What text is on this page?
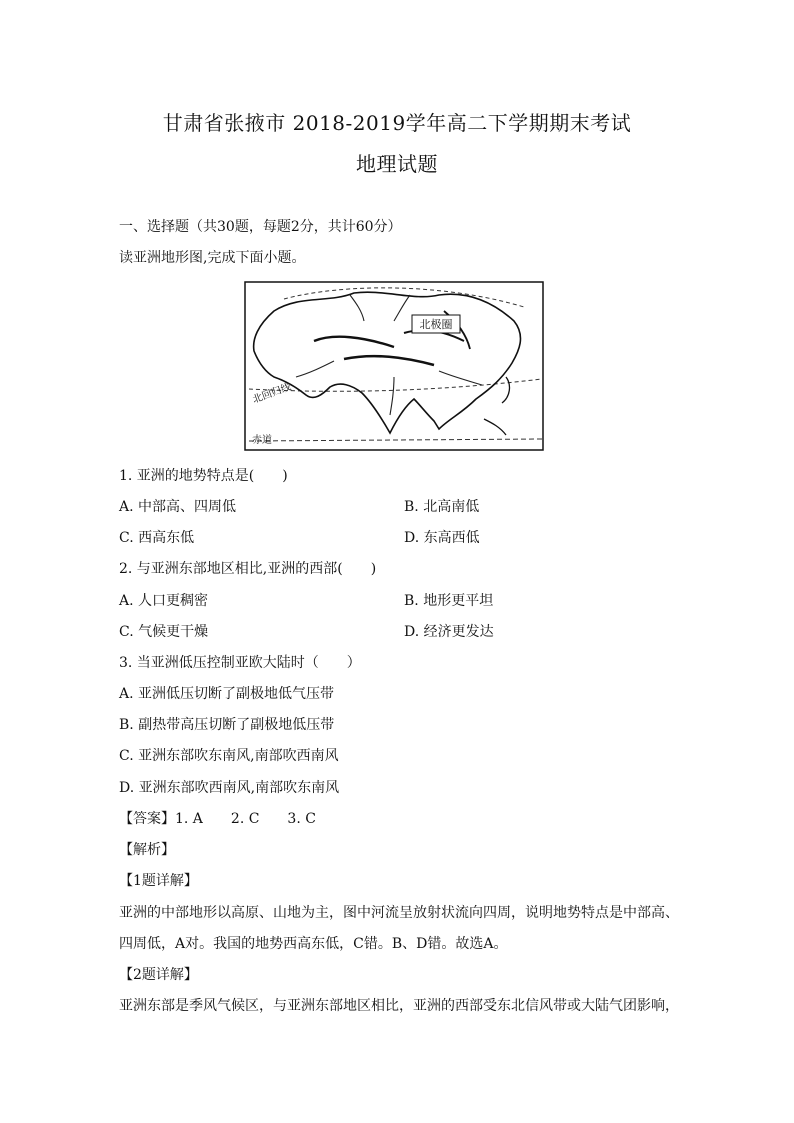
甘肃省张掖市 2018-2019学年高二下学期期末考试
地理试题
一、选择题（共30题，每题2分，共计60分）
读亚洲地形图,完成下面小题。
北极圈
北回归线
赤道
1. 亚洲的地势特点是(　　)
A. 中部高、四周低	B. 北高南低
C. 西高东低	D. 东高西低
2. 与亚洲东部地区相比,亚洲的西部(　　)
A. 人口更稠密	B. 地形更平坦
C. 气候更干燥	D. 经济更发达
3. 当亚洲低压控制亚欧大陆时（　　）
A. 亚洲低压切断了副极地低气压带
B. 副热带高压切断了副极地低压带
C. 亚洲东部吹东南风,南部吹西南风
D. 亚洲东部吹西南风,南部吹东南风
【答案】1. A　　2. C　　3. C
【解析】
【1题详解】
亚洲的中部地形以高原、山地为主，图中河流呈放射状流向四周，说明地势特点是中部高、四周低，A对。我国的地势西高东低，C错。B、D错。故选A。
【2题详解】
亚洲东部是季风气候区，与亚洲东部地区相比，亚洲的西部受东北信风带或大陆气团影响，
